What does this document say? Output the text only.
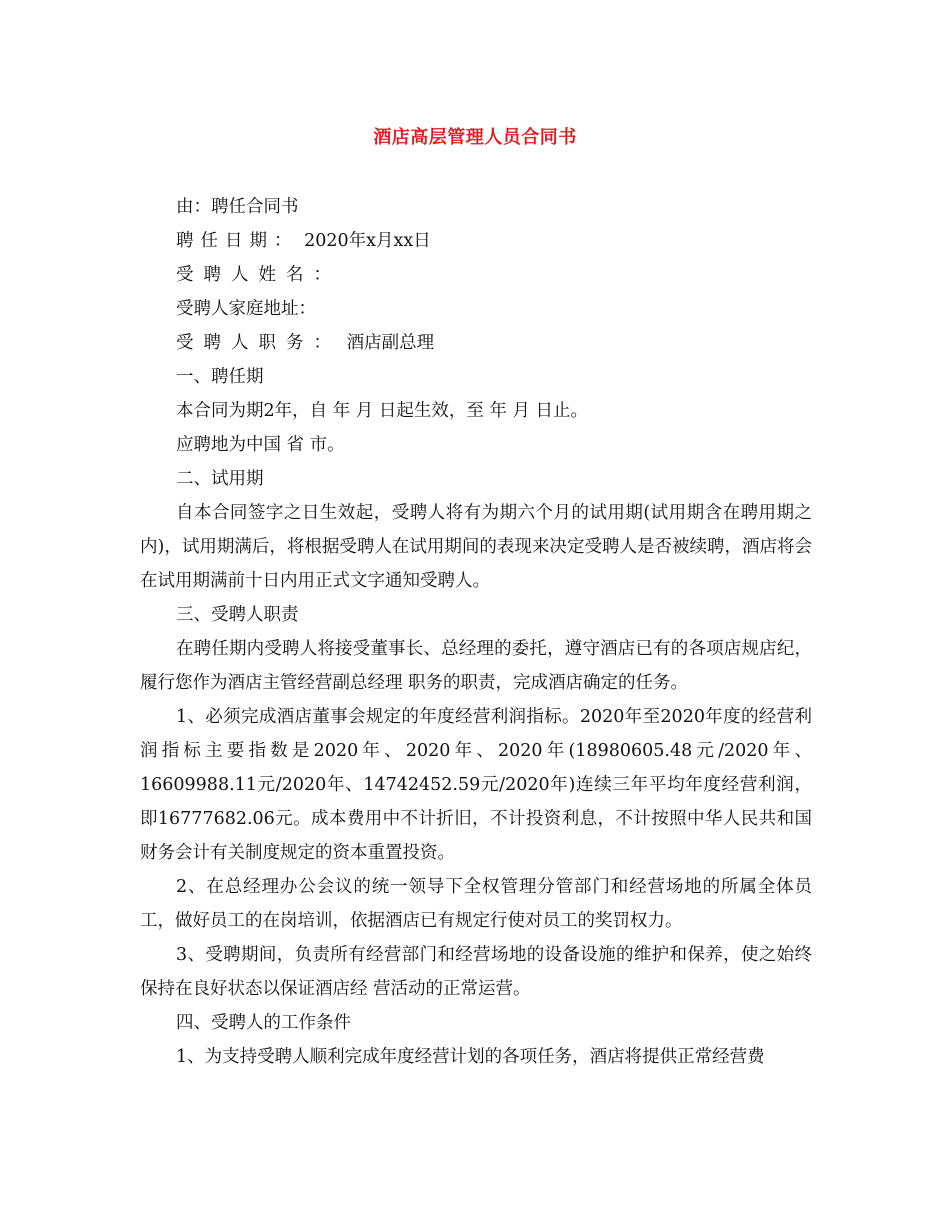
酒店高层管理人员合同书
由：聘任合同书
聘任日期： 2020年x月xx日
受聘人姓名：
受聘人家庭地址：
受聘人职务： 酒店副总理
一、聘任期
本合同为期2年，自 年 月 日起生效，至 年 月 日止。
应聘地为中国 省 市。
二、试用期
自本合同签字之日生效起，受聘人将有为期六个月的试用期(试用期含在聘用期之内)，试用期满后，将根据受聘人在试用期间的表现来决定受聘人是否被续聘，酒店将会在试用期满前十日内用正式文字通知受聘人。
三、受聘人职责
在聘任期内受聘人将接受董事长、总经理的委托，遵守酒店已有的各项店规店纪，履行您作为酒店主管经营副总经理 职务的职责，完成酒店确定的任务。
1、必须完成酒店董事会规定的年度经营利润指标。2020年至2020年度的经营利润指标主要指数是2020年、2020年、2020年(18980605.48元/2020年、16609988.11元/2020年、14742452.59元/2020年)连续三年平均年度经营利润，即16777682.06元。成本费用中不计折旧，不计投资利息，不计按照中华人民共和国财务会计有关制度规定的资本重置投资。
2、在总经理办公会议的统一领导下全权管理分管部门和经营场地的所属全体员工，做好员工的在岗培训，依据酒店已有规定行使对员工的奖罚权力。
3、受聘期间，负责所有经营部门和经营场地的设备设施的维护和保养，使之始终保持在良好状态以保证酒店经 营活动的正常运营。
四、受聘人的工作条件
1、为支持受聘人顺利完成年度经营计划的各项任务，酒店将提供正常经营费
